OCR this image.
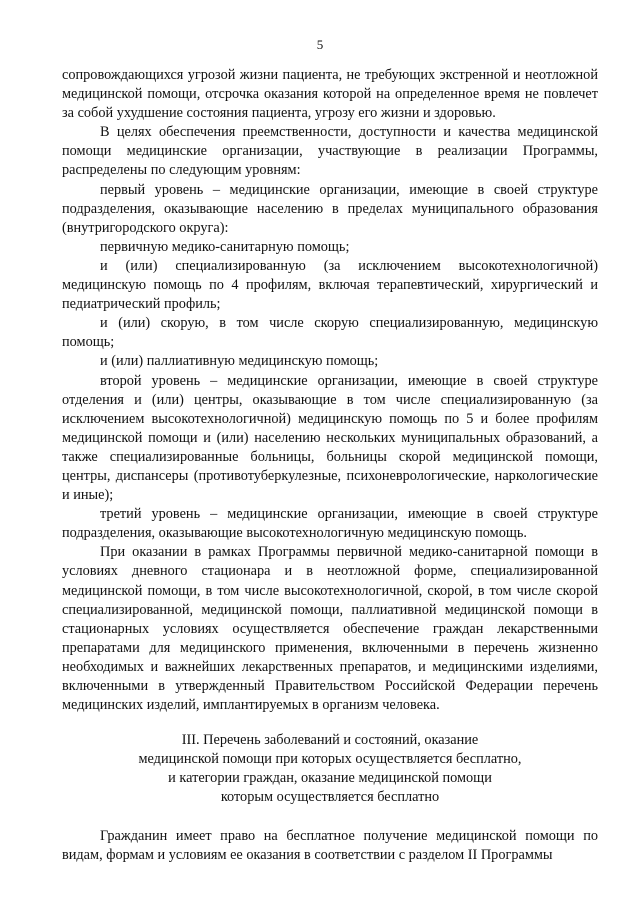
5

сопровождающихся угрозой жизни пациента, не требующих экстренной и неотложной медицинской помощи, отсрочка оказания которой на определенное время не повлечет за собой ухудшение состояния пациента, угрозу его жизни и здоровью.

В целях обеспечения преемственности, доступности и качества медицинской помощи медицинские организации, участвующие в реализации Программы, распределены по следующим уровням:

первый уровень – медицинские организации, имеющие в своей структуре подразделения, оказывающие населению в пределах муниципального образования (внутригородского округа):

первичную медико-санитарную помощь;

и (или) специализированную (за исключением высокотехнологичной) медицинскую помощь по 4 профилям, включая терапевтический, хирургический и педиатрический профиль;

и (или) скорую, в том числе скорую специализированную, медицинскую помощь;

и (или) паллиативную медицинскую помощь;

второй уровень – медицинские организации, имеющие в своей структуре отделения и (или) центры, оказывающие в том числе специализированную (за исключением высокотехнологичной) медицинскую помощь по 5 и более профилям медицинской помощи и (или) населению нескольких муниципальных образований, а также специализированные больницы, больницы скорой медицинской помощи, центры, диспансеры (противотуберкулезные, психоневрологические, наркологические и иные);

третий уровень – медицинские организации, имеющие в своей структуре подразделения, оказывающие высокотехнологичную медицинскую помощь.

При оказании в рамках Программы первичной медико-санитарной помощи в условиях дневного стационара и в неотложной форме, специализированной медицинской помощи, в том числе высокотехнологичной, скорой, в том числе скорой специализированной, медицинской помощи, паллиативной медицинской помощи в стационарных условиях осуществляется обеспечение граждан лекарственными препаратами для медицинского применения, включенными в перечень жизненно необходимых и важнейших лекарственных препаратов, и медицинскими изделиями, включенными в утвержденный Правительством Российской Федерации перечень медицинских изделий, имплантируемых в организм человека.

III. Перечень заболеваний и состояний, оказание
медицинской помощи при которых осуществляется бесплатно,
и категории граждан, оказание медицинской помощи
которым осуществляется бесплатно

Гражданин имеет право на бесплатное получение медицинской помощи по видам, формам и условиям ее оказания в соответствии с разделом II Программы
